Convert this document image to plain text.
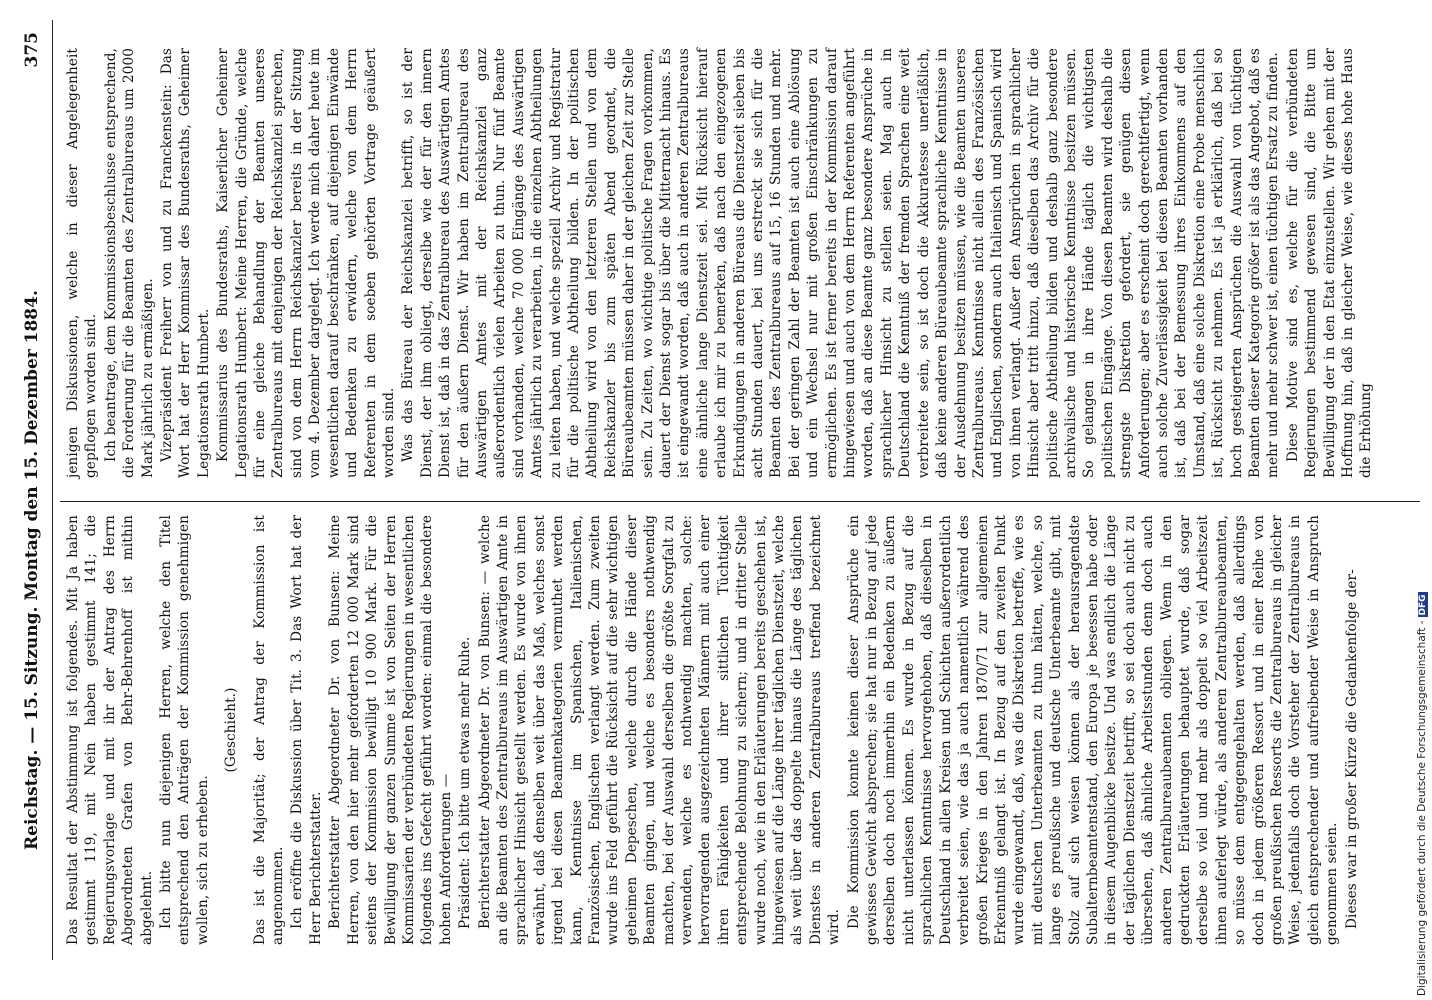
Reichstag. — 15. Sitzung. Montag den 15. Dezember 1884.
375

Das Resultat der Abstimmung ist folgendes. Mit Ja haben gestimmt 119, mit Nein haben gestimmt 141; die Regierungsvorlage und mit ihr der Antrag des Herrn Abgeordneten Grafen von Behr-Behrenhoff ist mithin abgelehnt. Ich bitte nun diejenigen Herren, welche den Titel entsprechend den Anträgen der Kommission genehmigen wollen, sich zu erheben.

(Geschieht.) Das ist die Majorität; der Antrag der Kommission ist angenommen. Ich eröffne die Diskussion über Tit. 3. Das Wort hat der Herr Berichterstatter. Berichterstatter Abgeordneter Dr. von Bunsen: Meine Herren, von den hier mehr geforderten 12 000 Mark sind seitens der Kommission bewilligt 10 900 Mark. Für die Bewilligung der ganzen Summe ist von Seiten der Herren Kommissarien der verbündeten Regierungen in wesentlichen folgendes ins Gefecht geführt worden: einmal die besondere hohen Anforderungen — Präsident: Ich bitte um etwas mehr Ruhe. Berichterstatter Abgeordneter Dr. von Bunsen: — welche an die Beamten des Zentralbureaus im Auswärtigen Amte in sprachlicher Hinsicht gestellt werden. Es wurde von ihnen erwähnt, daß denselben weit über das Maß, welches sonst irgend bei diesen Beamtenkategorien vermuthet werden kann, Kenntnisse im Spanischen, Italienischen, Französischen, Englischen verlangt werden. Zum zweiten wurde ins Feld geführt die Rücksicht auf die sehr wichtigen geheimen Depeschen, welche durch die Hände dieser Beamten gingen, und welche es besonders nothwendig machten, bei der Auswahl derselben die größte Sorgfalt zu verwenden, welche es nothwendig machten, solche: hervorragenden ausgezeichneten Männern mit auch einer ihren Fähigkeiten und ihrer sittlichen Tüchtigkeit entsprechende Belohnung zu sichern; und in dritter Stelle wurde noch, wie in den Erläuterungen bereits geschehen ist, hingewiesen auf die Länge ihrer täglichen Dienstzeit, welche als weit über das doppelte hinaus die Länge des täglichen Dienstes in anderen Zentralbureaus treffend bezeichnet wird. Die Kommission konnte keinen dieser Ansprüche ein gewisses Gewicht absprechen; sie hat nur in Bezug auf jede derselben doch noch immerhin ein Bedenken zu äußern nicht unterlassen können. Es wurde in Bezug auf die sprachlichen Kenntnisse hervorgehoben, daß dieselben in Deutschland in allen Kreisen und Schichten außerordentlich verbreitet seien, wie das ja auch namentlich während des großen Krieges in den Jahren 1870/71 zur allgemeinen Erkenntniß gelangt ist. In Bezug auf den zweiten Punkt wurde eingewandt, daß, was die Diskretion betreffe, wie es mit deutschen Unterbeamten zu thun hätten, welche, so lange es preußische und deutsche Unterbeamte gibt, mit Stolz auf sich weisen können als der herausragendste Subalternbeamtenstand, den Europa je besessen habe oder in diesem Augenblicke besitze. Und was endlich die Länge der täglichen Dienstzeit betrifft, so sei doch auch nicht zu übersehen, daß ähnliche Arbeitsstunden denn doch auch anderen Zentralbureaubeamten obliegen. Wenn in den gedruckten Erläuterungen behauptet wurde, daß sogar derselbe so viel und mehr als doppelt so viel Arbeitszeit ihnen auferlegt würde, als anderen Zentralbureaubeamten, so müsse dem entgegengehalten werden, daß allerdings doch in jedem größeren Ressort und in einer Reihe von großen preußischen Ressorts die Zentralbureaus in gleicher Weise, jedenfalls doch die Vorsteher der Zentralbureaus in gleich entsprechender und aufreibender Weise in Anspruch genommen seien. Dieses war in großer Kürze die Gedankenfolge der-

jenigen Diskussionen, welche in dieser Angelegenheit gepflogen worden sind. Ich beantrage, dem Kommissionsbeschlusse entsprechend, die Forderung für die Beamten des Zentralbureaus um 2000 Mark jährlich zu ermäßigen. Vizepräsident Freiherr von und zu Franckenstein: Das Wort hat der Herr Kommissar des Bundesraths, Geheimer Legationsrath Humbert. Kommissarius des Bundesraths, Kaiserlicher Geheimer Legationsrath Humbert: Meine Herren, die Gründe, welche für eine gleiche Behandlung der Beamten unseres Zentralbureaus mit denjenigen der Reichskanzlei sprechen, sind von dem Herrn Reichskanzler bereits in der Sitzung vom 4. Dezember dargelegt. Ich werde mich daher heute im wesentlichen darauf beschränken, auf diejenigen Einwände und Bedenken zu erwidern, welche von dem Herrn Referenten in dem soeben gehörten Vortrage geäußert worden sind. Was das Büreau der Reichskanzlei betrifft, so ist der Dienst, der ihm obliegt, derselbe wie der für den innern Dienst ist, daß in das Zentralbureau des Auswärtigen Amtes für den äußern Dienst. Wir haben im Zentralbureau des Auswärtigen Amtes mit der Reichskanzlei ganz außerordentlich vielen Arbeiten zu thun. Nur fünf Beamte sind vorhanden, welche 70 000 Eingänge des Auswärtigen Amtes jährlich zu verarbeiten, in die einzelnen Abtheilungen zu leiten haben, und welche speziell Archiv und Registratur für die politische Abtheilung bilden. In der politischen Abtheilung wird von den letzteren Stellen und von dem Reichskanzler bis zum späten Abend geordnet, die Büreaubeamten müssen daher in der gleichen Zeit zur Stelle sein. Zu Zeiten, wo wichtige politische Fragen vorkommen, dauert der Dienst sogar bis über die Mitternacht hinaus. Es ist eingewandt worden, daß auch in anderen Zentralbureaus eine ähnliche lange Dienstzeit sei. Mit Rücksicht hierauf erlaube ich mir zu bemerken, daß nach den eingezogenen Erkundigungen in anderen Büreaus die Dienstzeit sieben bis acht Stunden dauert, bei uns erstreckt sie sich für die Beamten des Zentralbureaus auf 15, 16 Stunden und mehr. Bei der geringen Zahl der Beamten ist auch eine Ablösung und ein Wechsel nur mit großen Einschränkungen zu ermöglichen. Es ist ferner bereits in der Kommission darauf hingewiesen und auch von dem Herrn Referenten angeführt worden, daß an diese Beamte ganz besondere Ansprüche in sprachlicher Hinsicht zu stellen seien. Mag auch in Deutschland die Kenntniß der fremden Sprachen eine weit verbreitete sein, so ist doch die Akkuratesse unerläßlich, daß keine anderen Büreaubeamte sprachliche Kenntnisse in der Ausdehnung besitzen müssen, wie die Beamten unseres Zentralbureaus. Kenntnisse nicht allein des Französischen und Englischen, sondern auch Italienisch und Spanisch wird von ihnen verlangt. Außer den Ansprüchen in sprachlicher Hinsicht aber tritt hinzu, daß dieselben das Archiv für die politische Abtheilung bilden und deshalb ganz besondere archivalische und historische Kenntnisse besitzen müssen. So gelangen in ihre Hände täglich die wichtigsten politischen Eingänge. Von diesen Beamten wird deshalb die strengste Diskretion gefordert, sie genügen diesen Anforderungen; aber es erscheint doch gerechtfertigt, wenn auch solche Zuverlässigkeit bei diesen Beamten vorhanden ist, daß bei der Bemessung ihres Einkommens auf den Umstand, daß eine solche Diskretion eine Probe menschlich ist, Rücksicht zu nehmen. Es ist ja erklärlich, daß bei so hoch gesteigerten Ansprüchen die Auswahl von tüchtigen Beamten dieser Kategorie größer ist als das Angebot, daß es mehr und mehr schwer ist, einen tüchtigen Ersatz zu finden. Diese Motive sind es, welche für die verbündeten Regierungen bestimmend gewesen sind, die Bitte um Bewilligung der in den Etat einzustellen. Wir gehen mit der Hoffnung hin, daß in gleicher Weise, wie dieses hohe Haus die Erhöhung

Digitalisierung gefördert durch die Deutsche Forschungsgemeinschaft -DFG
